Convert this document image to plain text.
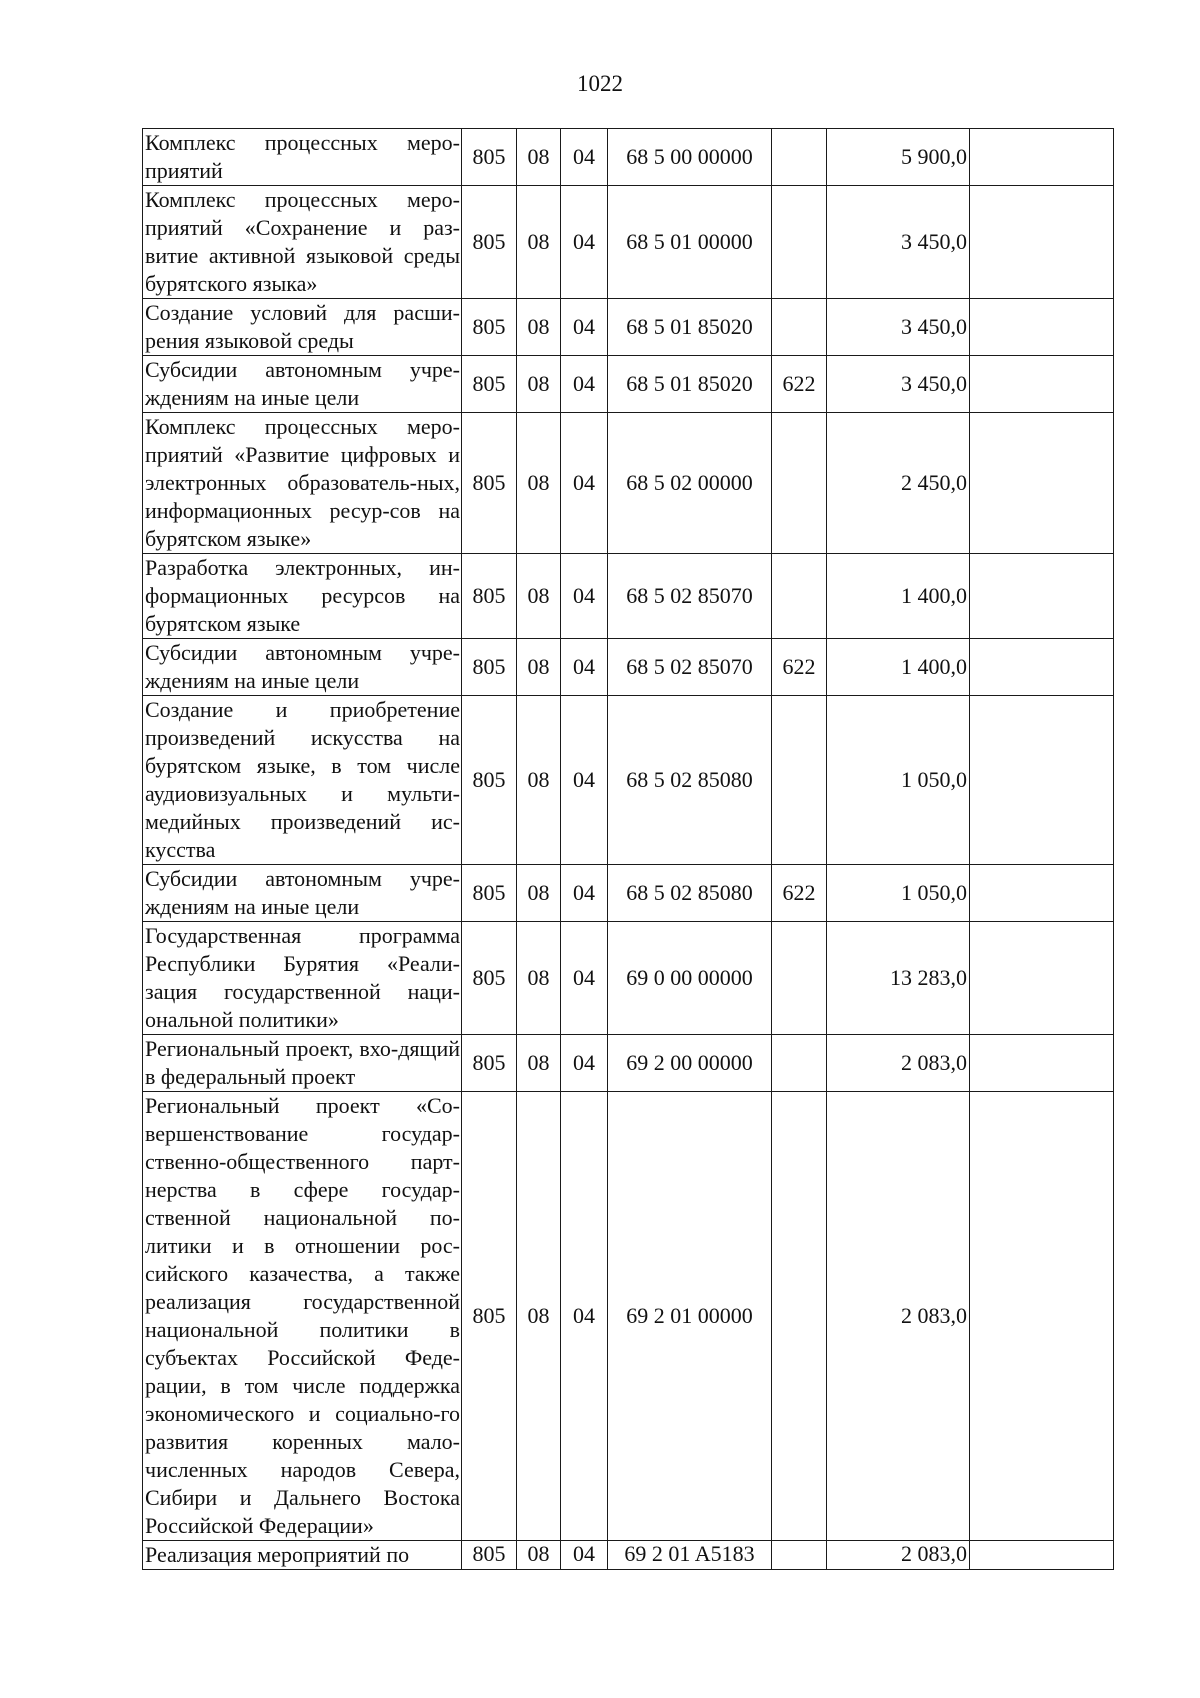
1022
Комплекс процессных меро-приятий	805	08	04	68 5 00 00000		5 900,0	
Комплекс процессных меро-приятий «Сохранение и раз-витие активной языковой среды бурятского языка»	805	08	04	68 5 01 00000		3 450,0	
Создание условий для расши-рения языковой среды	805	08	04	68 5 01 85020		3 450,0	
Субсидии автономным учре-ждениям на иные цели	805	08	04	68 5 01 85020	622	3 450,0	
Комплекс процессных меро-приятий «Развитие цифровых и электронных образователь-ных, информационных ресур-сов на бурятском языке»	805	08	04	68 5 02 00000		2 450,0	
Разработка электронных, ин-формационных ресурсов на бурятском языке	805	08	04	68 5 02 85070		1 400,0	
Субсидии автономным учре-ждениям на иные цели	805	08	04	68 5 02 85070	622	1 400,0	
Создание и приобретение произведений искусства на бурятском языке, в том числе аудиовизуальных и мульти-медийных произведений ис-кусства	805	08	04	68 5 02 85080		1 050,0	
Субсидии автономным учре-ждениям на иные цели	805	08	04	68 5 02 85080	622	1 050,0	
Государственная программа Республики Бурятия «Реали-зация государственной наци-ональной политики»	805	08	04	69 0 00 00000		13 283,0	
Региональный проект, вхо-дящий в федеральный проект	805	08	04	69 2 00 00000		2 083,0	
Региональный проект «Со-вершенствование государ-ственно-общественного парт-нерства в сфере государ-ственной национальной по-литики и в отношении рос-сийского казачества, а также реализация государственной национальной политики в субъектах Российской Феде-рации, в том числе поддержка экономического и социально-го развития коренных мало-численных народов Севера, Сибири и Дальнего Востока Российской Федерации»	805	08	04	69 2 01 00000		2 083,0	
Реализация мероприятий по	805	08	04	69 2 01 A5183		2 083,0	
